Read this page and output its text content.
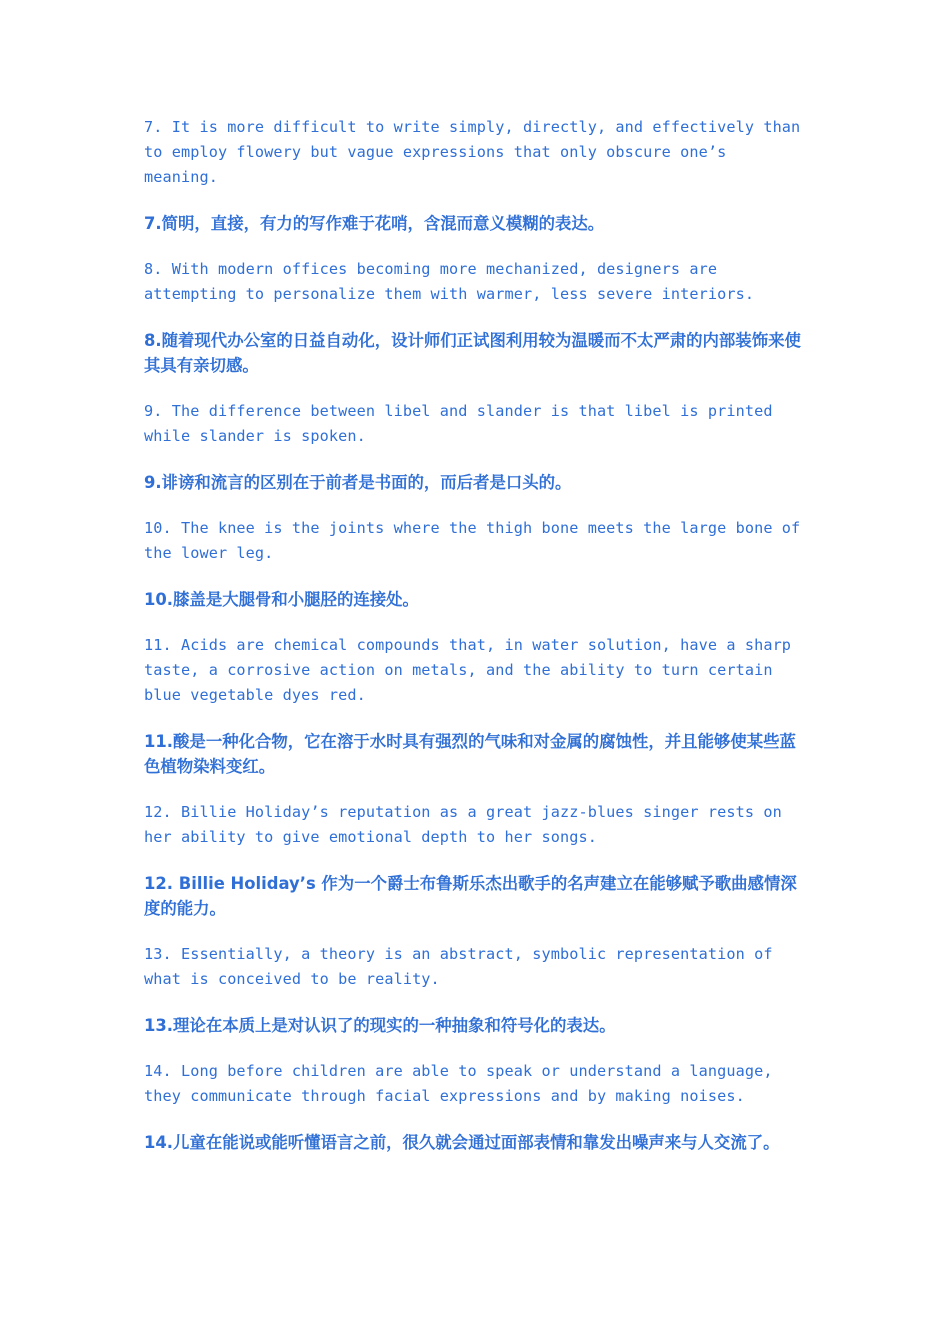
7. It is more difficult to write simply, directly, and effectively than to employ flowery but vague expressions that only obscure one’s meaning.

7.简明，直接，有力的写作难于花哨，含混而意义模糊的表达。

8. With modern offices becoming more mechanized, designers are attempting to personalize them with warmer, less severe interiors.

8.随着现代办公室的日益自动化，设计师们正试图利用较为温暖而不太严肃的内部装饰来使其具有亲切感。

9. The difference between libel and slander is that libel is printed while slander is spoken.

9.诽谤和流言的区别在于前者是书面的，而后者是口头的。

10. The knee is the joints where the thigh bone meets the large bone of the lower leg.

10.膝盖是大腿骨和小腿胫的连接处。

11. Acids are chemical compounds that, in water solution, have a sharp taste, a corrosive action on metals, and the ability to turn certain blue vegetable dyes red.

11.酸是一种化合物，它在溶于水时具有强烈的气味和对金属的腐蚀性，并且能够使某些蓝色植物染料变红。

12. Billie Holiday’s reputation as a great jazz-blues singer rests on her ability to give emotional depth to her songs.

12. Billie Holiday’s 作为一个爵士布鲁斯乐杰出歌手的名声建立在能够赋予歌曲感情深度的能力。

13. Essentially, a theory is an abstract, symbolic representation of what is conceived to be reality.

13.理论在本质上是对认识了的现实的一种抽象和符号化的表达。

14. Long before children are able to speak or understand a language, they communicate through facial expressions and by making noises.

14.儿童在能说或能听懂语言之前，很久就会通过面部表情和靠发出噪声来与人交流了。
